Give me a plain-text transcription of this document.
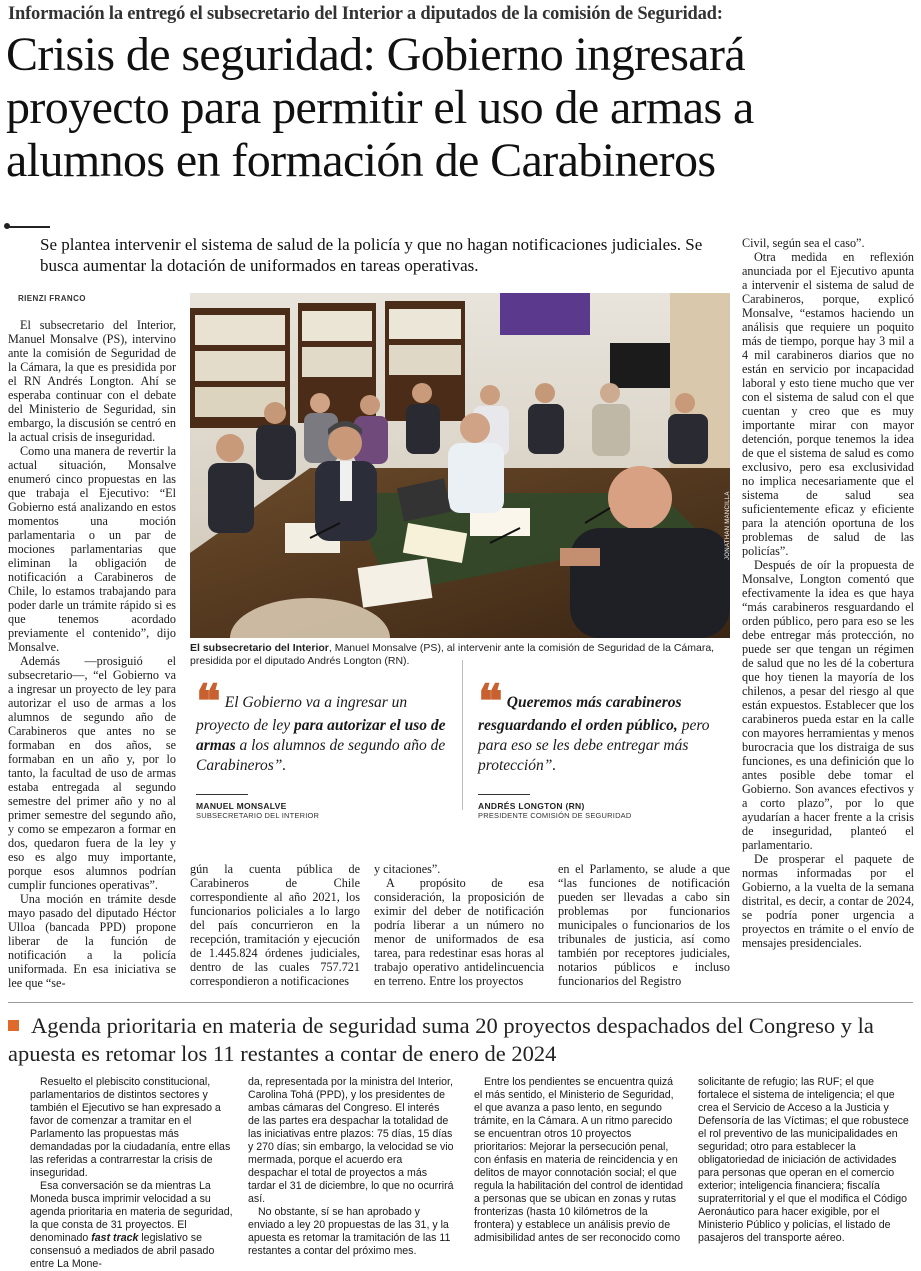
Información la entregó el subsecretario del Interior a diputados de la comisión de Seguridad:
Crisis de seguridad: Gobierno ingresará proyecto para permitir el uso de armas a alumnos en formación de Carabineros
Se plantea intervenir el sistema de salud de la policía y que no hagan notificaciones judiciales. Se busca aumentar la dotación de uniformados en tareas operativas.
RIENZI FRANCO

El subsecretario del Interior, Manuel Monsalve (PS), intervino ante la comisión de Seguridad de la Cámara, la que es presidida por el RN Andrés Longton. Ahí se esperaba continuar con el debate del Ministerio de Seguridad, sin embargo, la discusión se centró en la actual crisis de inseguridad.

Como una manera de revertir la actual situación, Monsalve enumeró cinco propuestas en las que trabaja el Ejecutivo: “El Gobierno está analizando en estos momentos una moción parlamentaria o un par de mociones parlamentarias que eliminan la obligación de notificación a Carabineros de Chile, lo estamos trabajando para poder darle un trámite rápido si es que tenemos acordado previamente el contenido”, dijo Monsalve.

Además —prosiguió el subsecretario—, “el Gobierno va a ingresar un proyecto de ley para autorizar el uso de armas a los alumnos de segundo año de Carabineros que antes no se formaban en dos años, se formaban en un año y, por lo tanto, la facultad de uso de armas estaba entregada al segundo semestre del primer año y no al primer semestre del segundo año, y como se empezaron a formar en dos, quedaron fuera de la ley y eso es algo muy importante, porque esos alumnos podrían cumplir funciones operativas”.

Una moción en trámite desde mayo pasado del diputado Héctor Ulloa (bancada PPD) propone liberar de la función de notificación a la policía uniformada. En esa iniciativa se lee que “se-

JONATHAN MANCILLA
El subsecretario del Interior, Manuel Monsalve (PS), al intervenir ante la comisión de Seguridad de la Cámara, presidida por el diputado Andrés Longton (RN).
❝ El Gobierno va a ingresar un proyecto de ley para autorizar el uso de armas a los alumnos de segundo año de Carabineros”.
MANUEL MONSALVE
SUBSECRETARIO DEL INTERIOR
❝ Queremos más carabineros resguardando el orden público, pero para eso se les debe entregar más protección”.
ANDRÉS LONGTON (RN)
PRESIDENTE COMISIÓN DE SEGURIDAD

gún la cuenta pública de Carabineros de Chile correspondiente al año 2021, los funcionarios policiales a lo largo del país concurrieron en la recepción, tramitación y ejecución de 1.445.824 órdenes judiciales, dentro de las cuales 757.721 correspondieron a notificaciones

y citaciones”.

A propósito de esa consideración, la proposición de eximir del deber de notificación podría liberar a un número no menor de uniformados de esa tarea, para redestinar esas horas al trabajo operativo antidelincuencia en terreno. Entre los proyectos

en el Parlamento, se alude a que “las funciones de notificación pueden ser llevadas a cabo sin problemas por funcionarios municipales o funcionarios de los tribunales de justicia, así como también por receptores judiciales, notarios públicos e incluso funcionarios del Registro

Civil, según sea el caso”.

Otra medida en reflexión anunciada por el Ejecutivo apunta a intervenir el sistema de salud de Carabineros, porque, explicó Monsalve, “estamos haciendo un análisis que requiere un poquito más de tiempo, porque hay 3 mil a 4 mil carabineros diarios que no están en servicio por incapacidad laboral y esto tiene mucho que ver con el sistema de salud con el que cuentan y creo que es muy importante mirar con mayor detención, porque tenemos la idea de que el sistema de salud es como exclusivo, pero esa exclusividad no implica necesariamente que el sistema de salud sea suficientemente eficaz y eficiente para la atención oportuna de los problemas de salud de las policías”.

Después de oír la propuesta de Monsalve, Longton comentó que efectivamente la idea es que haya “más carabineros resguardando el orden público, pero para eso se les debe entregar más protección, no puede ser que tengan un régimen de salud que no les dé la cobertura que hoy tienen la mayoría de los chilenos, a pesar del riesgo al que están expuestos. Establecer que los carabineros pueda estar en la calle con mayores herramientas y menos burocracia que los distraiga de sus funciones, es una definición que lo antes posible debe tomar el Gobierno. Son avances efectivos y a corto plazo”, por lo que ayudarían a hacer frente a la crisis de inseguridad, planteó el parlamentario.

De prosperar el paquete de normas informadas por el Gobierno, a la vuelta de la semana distrital, es decir, a contar de 2024, se podría poner urgencia a proyectos en trámite o el envío de mensajes presidenciales.

Agenda prioritaria en materia de seguridad suma 20 proyectos despachados del Congreso y la apuesta es retomar los 11 restantes a contar de enero de 2024

Resuelto el plebiscito constitucional, parlamentarios de distintos sectores y también el Ejecutivo se han expresado a favor de comenzar a tramitar en el Parlamento las propuestas más demandadas por la ciudadanía, entre ellas las referidas a contrarrestar la crisis de inseguridad.

Esa conversación se da mientras La Moneda busca imprimir velocidad a su agenda prioritaria en materia de seguridad, la que consta de 31 proyectos. El denominado fast track legislativo se consensuó a mediados de abril pasado entre La Mone-

da, representada por la ministra del Interior, Carolina Tohá (PPD), y los presidentes de ambas cámaras del Congreso. El interés de las partes era despachar la totalidad de las iniciativas entre plazos: 75 días, 15 días y 270 días; sin embargo, la velocidad se vio mermada, porque el acuerdo era despachar el total de proyectos a más tardar el 31 de diciembre, lo que no ocurrirá así.

No obstante, sí se han aprobado y enviado a ley 20 propuestas de las 31, y la apuesta es retomar la tramitación de las 11 restantes a contar del próximo mes.

Entre los pendientes se encuentra quizá el más sentido, el Ministerio de Seguridad, el que avanza a paso lento, en segundo trámite, en la Cámara. A un ritmo parecido se encuentran otros 10 proyectos prioritarios: Mejorar la persecución penal, con énfasis en materia de reincidencia y en delitos de mayor connotación social; el que regula la habilitación del control de identidad a personas que se ubican en zonas y rutas fronterizas (hasta 10 kilómetros de la frontera) y establece un análisis previo de admisibilidad antes de ser reconocido como

solicitante de refugio; las RUF; el que fortalece el sistema de inteligencia; el que crea el Servicio de Acceso a la Justicia y Defensoría de las Víctimas; el que robustece el rol preventivo de las municipalidades en seguridad; otro para establecer la obligatoriedad de iniciación de actividades para personas que operan en el comercio exterior; inteligencia financiera; fiscalía supraterritorial y el que el modifica el Código Aeronáutico para hacer exigible, por el Ministerio Público y policías, el listado de pasajeros del transporte aéreo.
